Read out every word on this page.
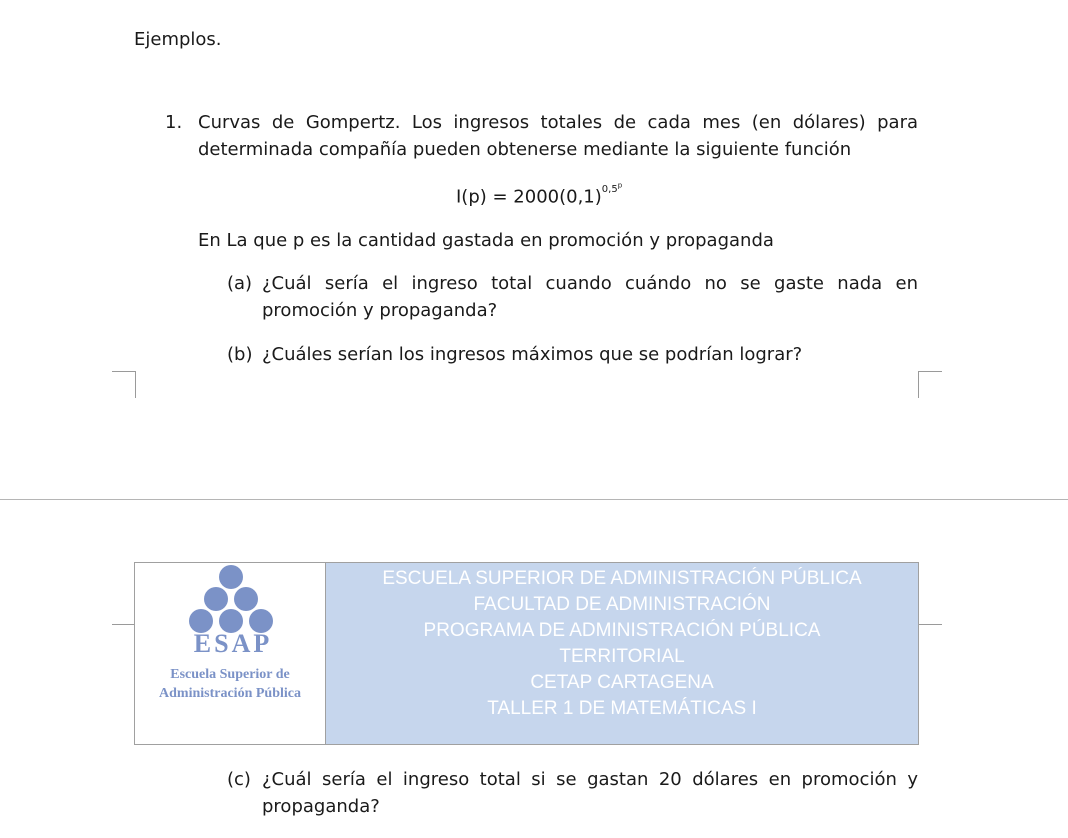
Ejemplos.
1. Curvas de Gompertz. Los ingresos totales de cada mes (en dólares) para
determinada compañía pueden obtenerse mediante la siguiente función
$I(p) = 2000(0,1)^{0,5^p}$
En La que p es la cantidad gastada en promoción y propaganda
(a) ¿Cuál sería el ingreso total cuando cuándo no se gaste nada en
promoción y propaganda?
(b) ¿Cuáles serían los ingresos máximos que se podrían lograr?
ESAP
Escuela Superior de
Administración Pública
ESCUELA SUPERIOR DE ADMINISTRACIÓN PÚBLICA
FACULTAD DE ADMINISTRACIÓN
PROGRAMA DE ADMINISTRACIÓN PÚBLICA
TERRITORIAL
CETAP CARTAGENA
TALLER 1 DE MATEMÁTICAS I
(c) ¿Cuál sería el ingreso total si se gastan 20 dólares en promoción y
propaganda?
